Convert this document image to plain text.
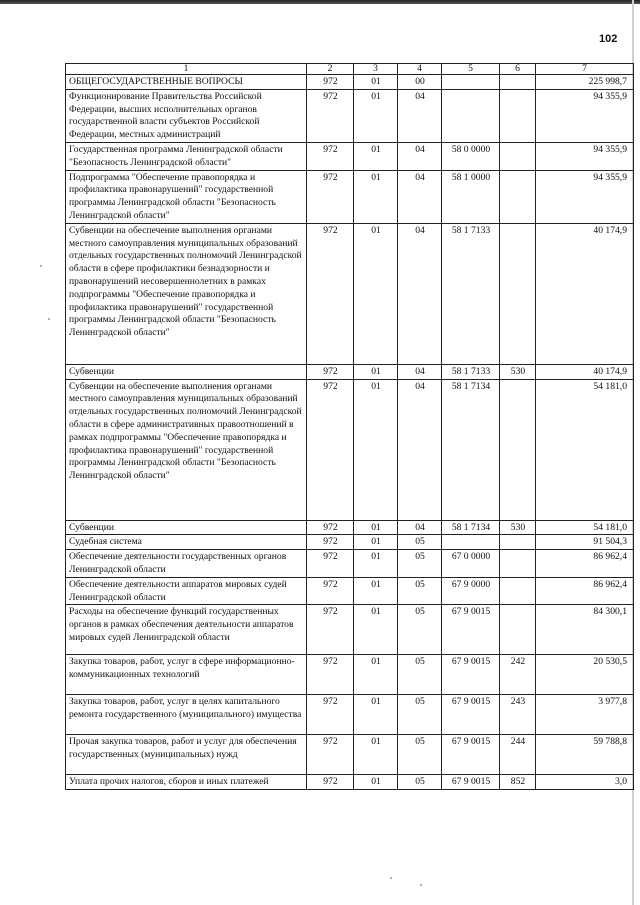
102
1	2	3	4	5	6	7
ОБЩЕГОСУДАРСТВЕННЫЕ ВОПРОСЫ	972	01	00			225 998,7
Функционирование Правительства Российской Федерации, высших исполнительных органов государственной власти субъектов Российской Федерации, местных администраций	972	01	04			94 355,9
Государственная программа Ленинградской области "Безопасность Ленинградской области"	972	01	04	58 0 0000		94 355,9
Подпрограмма "Обеспечение правопорядка и профилактика правонарушений" государственной программы Ленинградской области "Безопасность Ленинградской области"	972	01	04	58 1 0000		94 355,9
Субвенции на обеспечение выполнения органами местного самоуправления муниципальных образований отдельных государственных полномочий Ленинградской области в сфере профилактики безнадзорности и правонарушений несовершеннолетних в рамках подпрограммы "Обеспечение правопорядка и профилактика правонарушений" государственной программы Ленинградской области "Безопасность Ленинградской области"	972	01	04	58 1 7133		40 174,9
Субвенции	972	01	04	58 1 7133	530	40 174,9
Субвенции на обеспечение выполнения органами местного самоуправления муниципальных образований отдельных государственных полномочий Ленинградской области в сфере административных правоотношений в рамках подпрограммы "Обеспечение правопорядка и профилактика правонарушений" государственной программы Ленинградской области "Безопасность Ленинградской области"	972	01	04	58 1 7134		54 181,0
Субвенции	972	01	04	58 1 7134	530	54 181,0
Судебная система	972	01	05			91 504,3
Обеспечение деятельности государственных органов Ленинградской области	972	01	05	67 0 0000		86 962,4
Обеспечение деятельности аппаратов мировых судей Ленинградской области	972	01	05	67 9 0000		86 962,4
Расходы на обеспечение функций государственных органов в рамках обеспечения деятельности аппаратов мировых судей Ленинградской области	972	01	05	67 9 0015		84 300,1
Закупка товаров, работ, услуг в сфере информационно-коммуникационных технологий	972	01	05	67 9 0015	242	20 530,5
Закупка товаров, работ, услуг в целях капитального ремонта государственного (муниципального) имущества	972	01	05	67 9 0015	243	3 977,8
Прочая закупка товаров, работ и услуг для обеспечения государственных (муниципальных) нужд	972	01	05	67 9 0015	244	59 788,8
Уплата прочих налогов, сборов и иных платежей	972	01	05	67 9 0015	852	3,0
